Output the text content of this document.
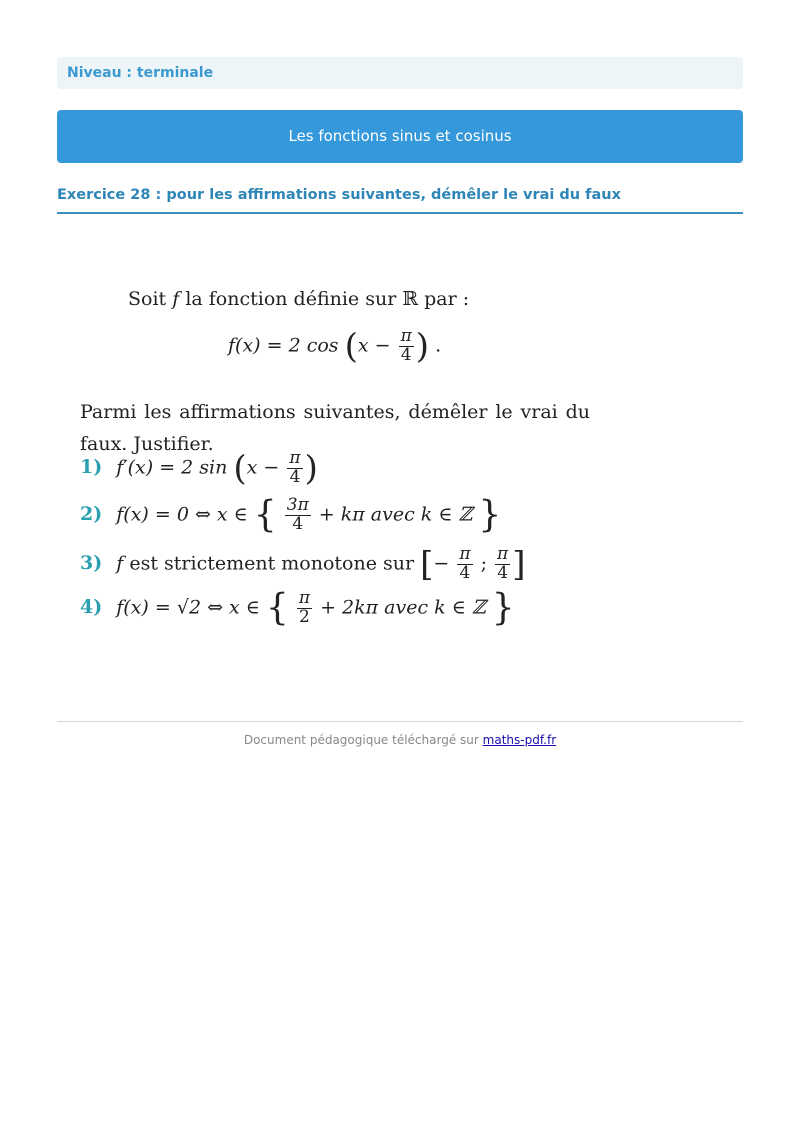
Niveau : terminale
Les fonctions sinus et cosinus
Exercice 28 : pour les affirmations suivantes, démêler le vrai du faux
Soit f la fonction définie sur ℝ par :
f(x) = 2 $\cos (x - \frac{\pi}{4}$ ) .
Parmi les affirmations suivantes, démêler le vrai du faux. Justifier.
1) f′(x) = 2 $\sin (x - \frac{\pi}{4}$ )
2) f(x) = 0 ⇔ x ∈ { $\frac{3\pi}{4} + k\pi$ avec k ∈ ℤ }
3) f est strictement monotone sur [− $\frac{\pi}{4}$ ; $\frac{\pi}{4}$ ]
4) f(x) = √2 ⇔ x ∈ { $\frac{\pi}{2} + 2k\pi$ avec k ∈ ℤ }
Document pédagogique téléchargé sur maths-pdf.fr
